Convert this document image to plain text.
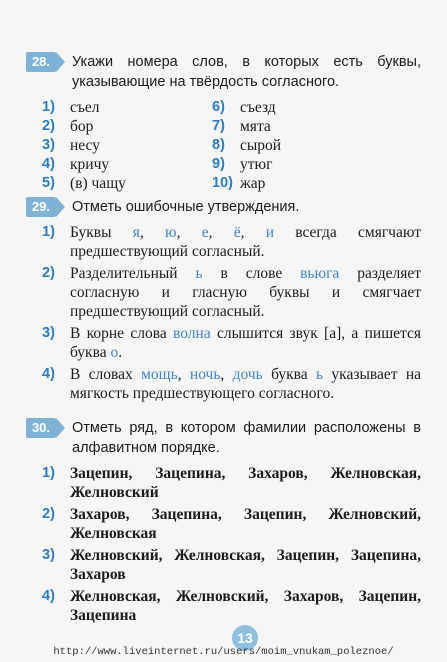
28.	Укажи номера слов, в которых есть буквы, указывающие на твёрдость согласного.
1) съел	6) съезд
2) бор	7) мята
3) несу	8) сырой
4) кричу	9) утюг
5) (в) чащу	10) жар
29.	Отметь ошибочные утверждения.
1) Буквы я, ю, е, ё, и всегда смягчают предшествующий согласный.
2) Разделительный ь в слове вьюга разделяет согласную и гласную буквы и смягчает предшествующий согласный.
3) В корне слова волна слышится звук [а], а пишется буква о.
4) В словах мощь, ночь, дочь буква ь указывает на мягкость предшествующего согласного.
30.	Отметь ряд, в котором фамилии расположены в алфавитном порядке.
1) Зацепин, Зацепина, Захаров, Желновская, Желновский
2) Захаров, Зацепина, Зацепин, Желновский, Желновская
3) Желновский, Желновская, Зацепин, Зацепина, Захаров
4) Желновская, Желновский, Захаров, Зацепин, Зацепина
13
http://www.liveinternet.ru/users/moim_vnukam_poleznoe/
